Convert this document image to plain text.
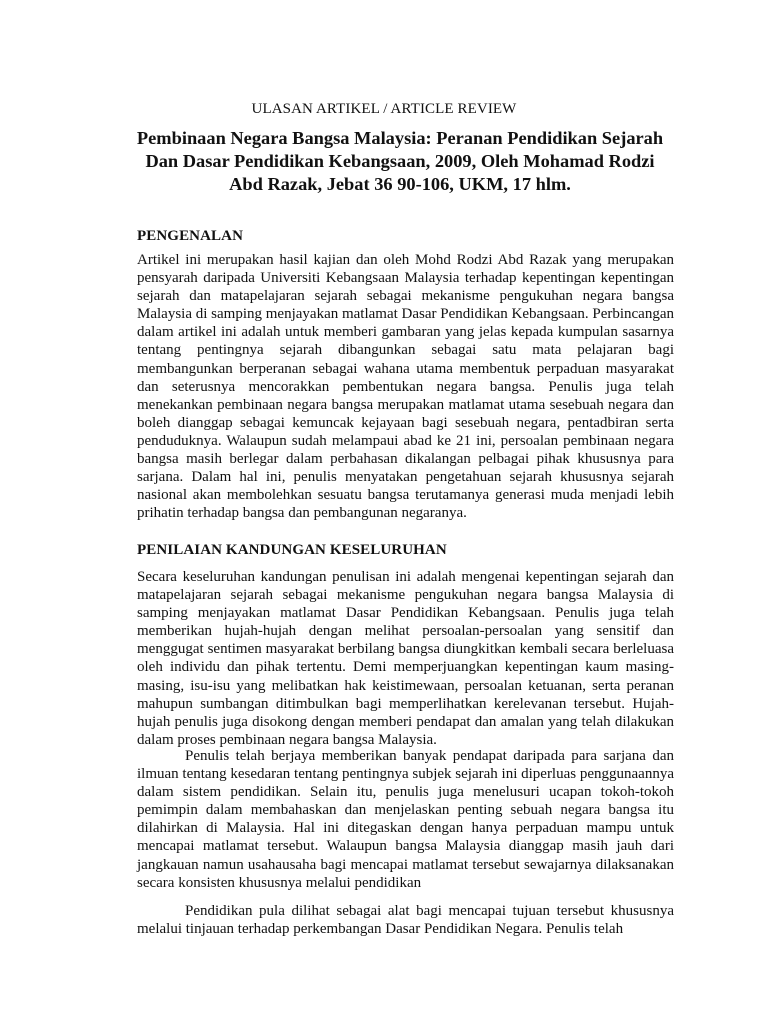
ULASAN ARTIKEL / ARTICLE REVIEW

Pembinaan Negara Bangsa Malaysia: Peranan Pendidikan Sejarah Dan Dasar Pendidikan Kebangsaan, 2009, Oleh Mohamad Rodzi Abd Razak, Jebat 36 90-106, UKM, 17 hlm.
PENGENALAN

Artikel ini merupakan hasil kajian dan oleh Mohd Rodzi Abd Razak yang merupakan pensyarah daripada Universiti Kebangsaan Malaysia terhadap kepentingan kepentingan sejarah dan matapelajaran sejarah sebagai mekanisme pengukuhan negara bangsa Malaysia di samping menjayakan matlamat Dasar Pendidikan Kebangsaan. Perbincangan dalam artikel ini adalah untuk memberi gambaran yang jelas kepada kumpulan sasarnya tentang pentingnya sejarah dibangunkan sebagai satu mata pelajaran bagi membangunkan berperanan sebagai wahana utama membentuk perpaduan masyarakat dan seterusnya mencorakkan pembentukan negara bangsa. Penulis juga telah menekankan pembinaan negara bangsa merupakan matlamat utama sesebuah negara dan boleh dianggap sebagai kemuncak kejayaan bagi sesebuah negara, pentadbiran serta penduduknya. Walaupun sudah melampaui abad ke 21 ini, persoalan pembinaan negara bangsa masih berlegar dalam perbahasan dikalangan pelbagai pihak khususnya para sarjana. Dalam hal ini, penulis menyatakan pengetahuan sejarah khususnya sejarah nasional akan membolehkan sesuatu bangsa terutamanya generasi muda menjadi lebih prihatin terhadap bangsa dan pembangunan negaranya.

PENILAIAN KANDUNGAN KESELURUHAN

Secara keseluruhan kandungan penulisan ini adalah mengenai kepentingan sejarah dan matapelajaran sejarah sebagai mekanisme pengukuhan negara bangsa Malaysia di samping menjayakan matlamat Dasar Pendidikan Kebangsaan. Penulis juga telah memberikan hujah-hujah dengan melihat persoalan-persoalan yang sensitif dan menggugat sentimen masyarakat berbilang bangsa diungkitkan kembali secara berleluasa oleh individu dan pihak tertentu. Demi memperjuangkan kepentingan kaum masing-masing, isu-isu yang melibatkan hak keistimewaan, persoalan ketuanan, serta peranan mahupun sumbangan ditimbulkan bagi memperlihatkan kerelevanan tersebut. Hujah-hujah penulis juga disokong dengan memberi pendapat dan amalan yang telah dilakukan dalam proses pembinaan negara bangsa Malaysia.

Penulis telah berjaya memberikan banyak pendapat daripada para sarjana dan ilmuan tentang kesedaran tentang pentingnya subjek sejarah ini diperluas penggunaannya dalam sistem pendidikan. Selain itu, penulis juga menelusuri ucapan tokoh-tokoh pemimpin dalam membahaskan dan menjelaskan penting sebuah negara bangsa itu dilahirkan di Malaysia. Hal ini ditegaskan dengan hanya perpaduan mampu untuk mencapai matlamat tersebut. Walaupun bangsa Malaysia dianggap masih jauh dari jangkauan namun usahausaha bagi mencapai matlamat tersebut sewajarnya dilaksanakan secara konsisten khususnya melalui pendidikan

Pendidikan pula dilihat sebagai alat bagi mencapai tujuan tersebut khususnya melalui tinjauan terhadap perkembangan Dasar Pendidikan Negara. Penulis telah
